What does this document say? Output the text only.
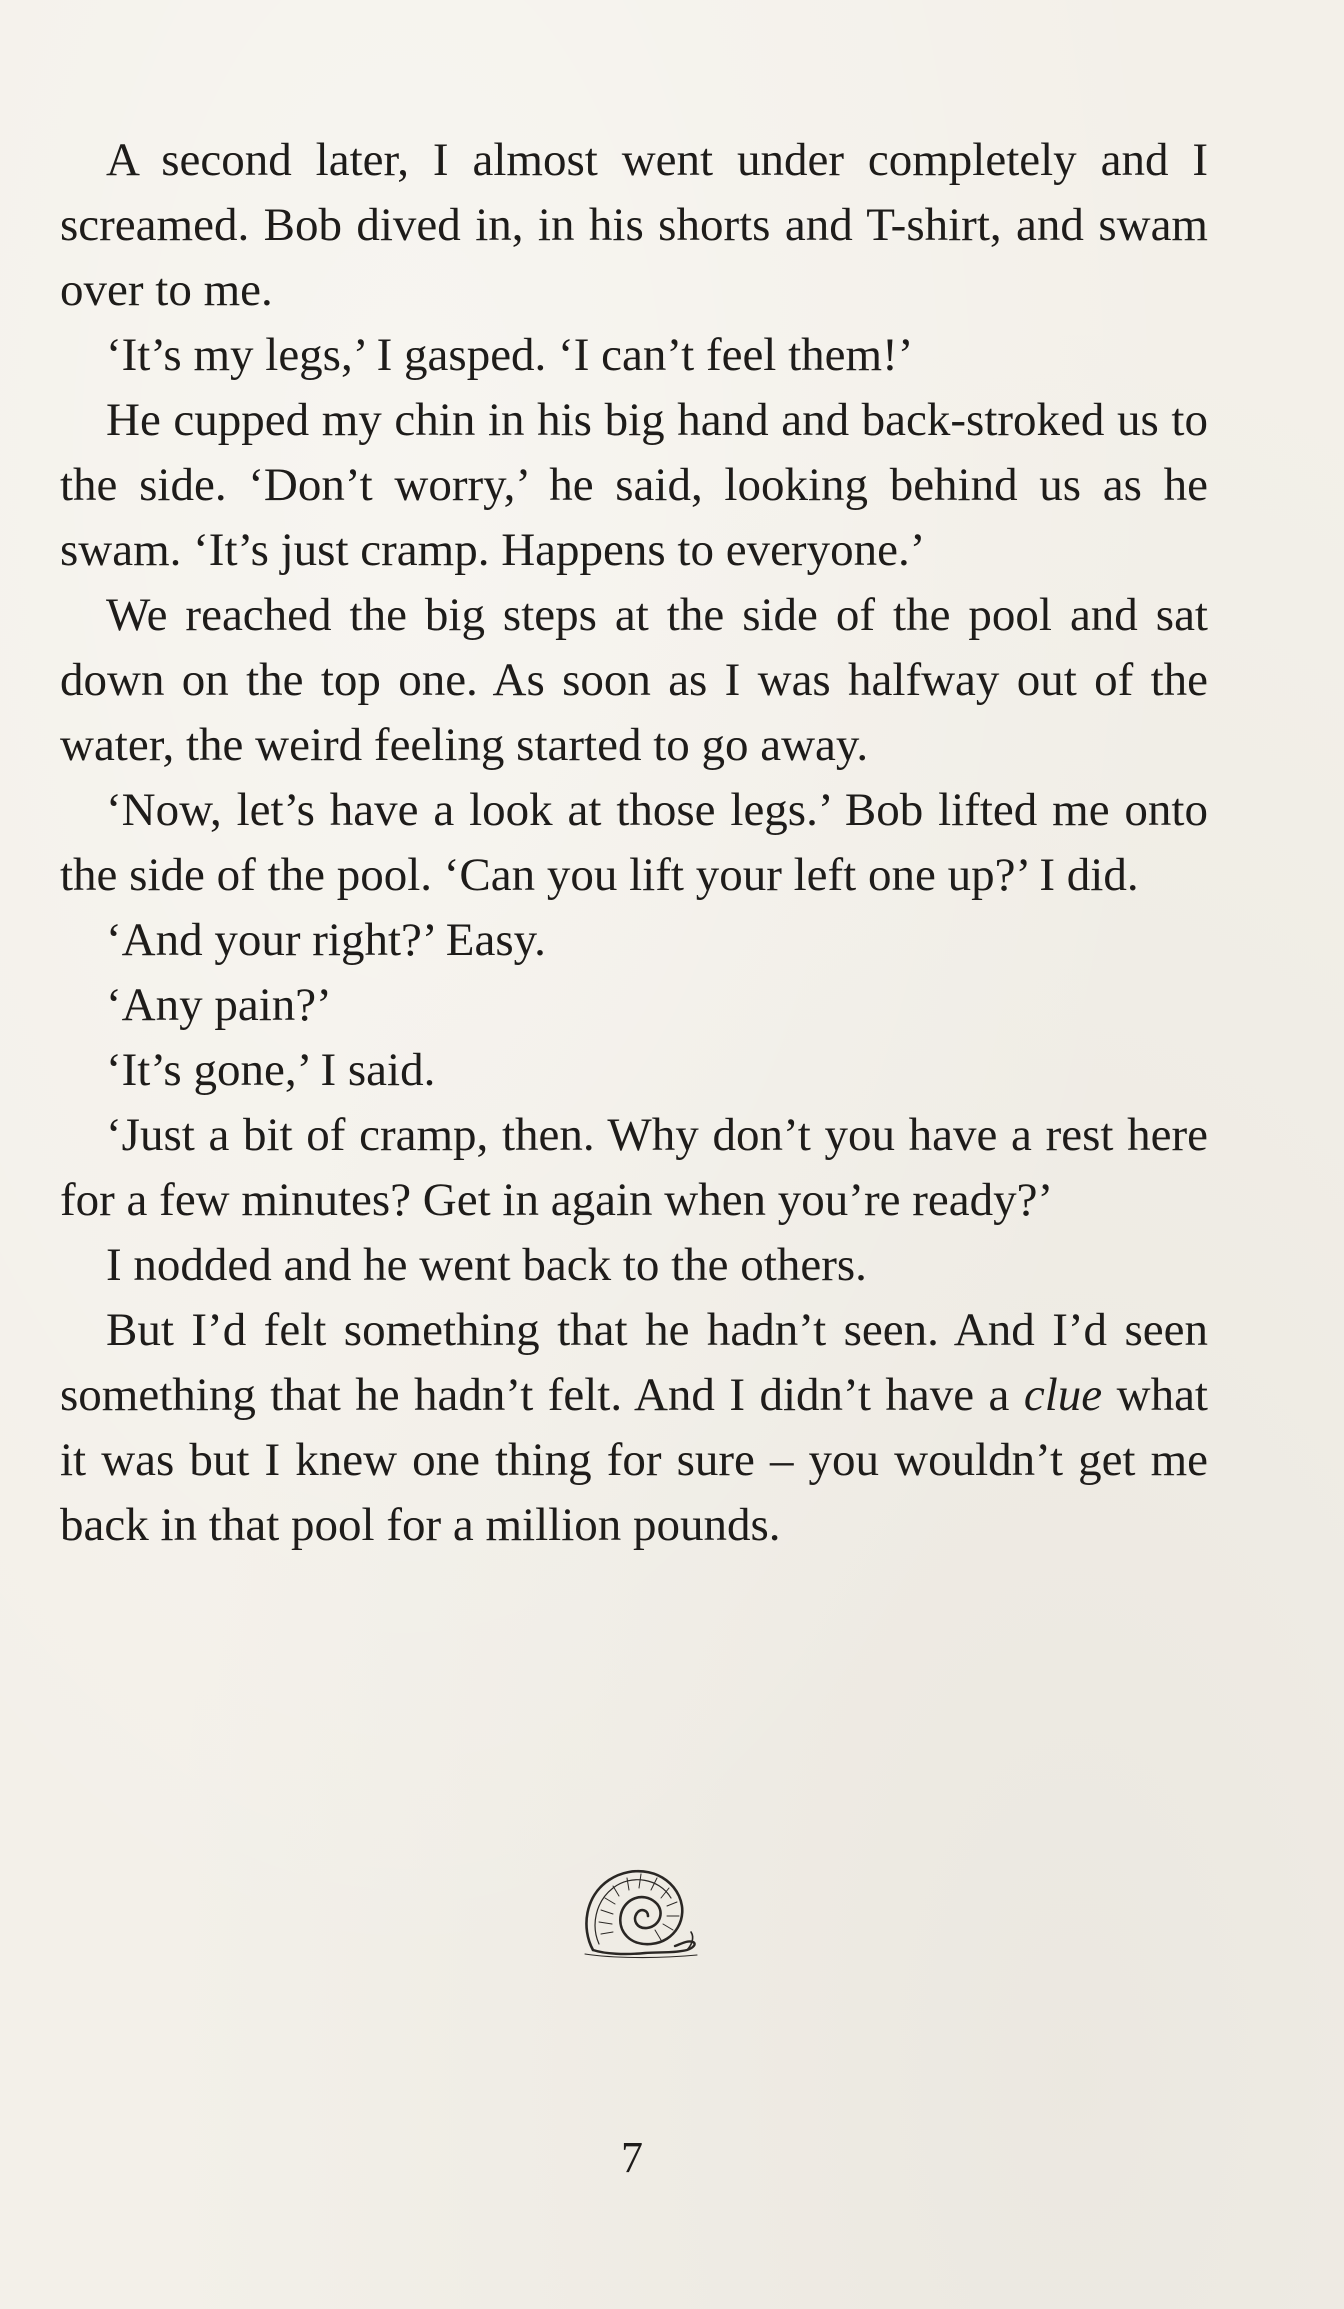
A second later, I almost went under completely and I screamed. Bob dived in, in his shorts and T-shirt, and swam over to me.

‘It’s my legs,’ I gasped. ‘I can’t feel them!’

He cupped my chin in his big hand and back-stroked us to the side. ‘Don’t worry,’ he said, looking behind us as he swam. ‘It’s just cramp. Happens to everyone.’

We reached the big steps at the side of the pool and sat down on the top one. As soon as I was halfway out of the water, the weird feeling started to go away.

‘Now, let’s have a look at those legs.’ Bob lifted me onto the side of the pool. ‘Can you lift your left one up?’ I did.

‘And your right?’ Easy.

‘Any pain?’

‘It’s gone,’ I said.

‘Just a bit of cramp, then. Why don’t you have a rest here for a few minutes? Get in again when you’re ready?’

I nodded and he went back to the others.

But I’d felt something that he hadn’t seen. And I’d seen something that he hadn’t felt. And I didn’t have a clue what it was but I knew one thing for sure – you wouldn’t get me back in that pool for a million pounds.

7
